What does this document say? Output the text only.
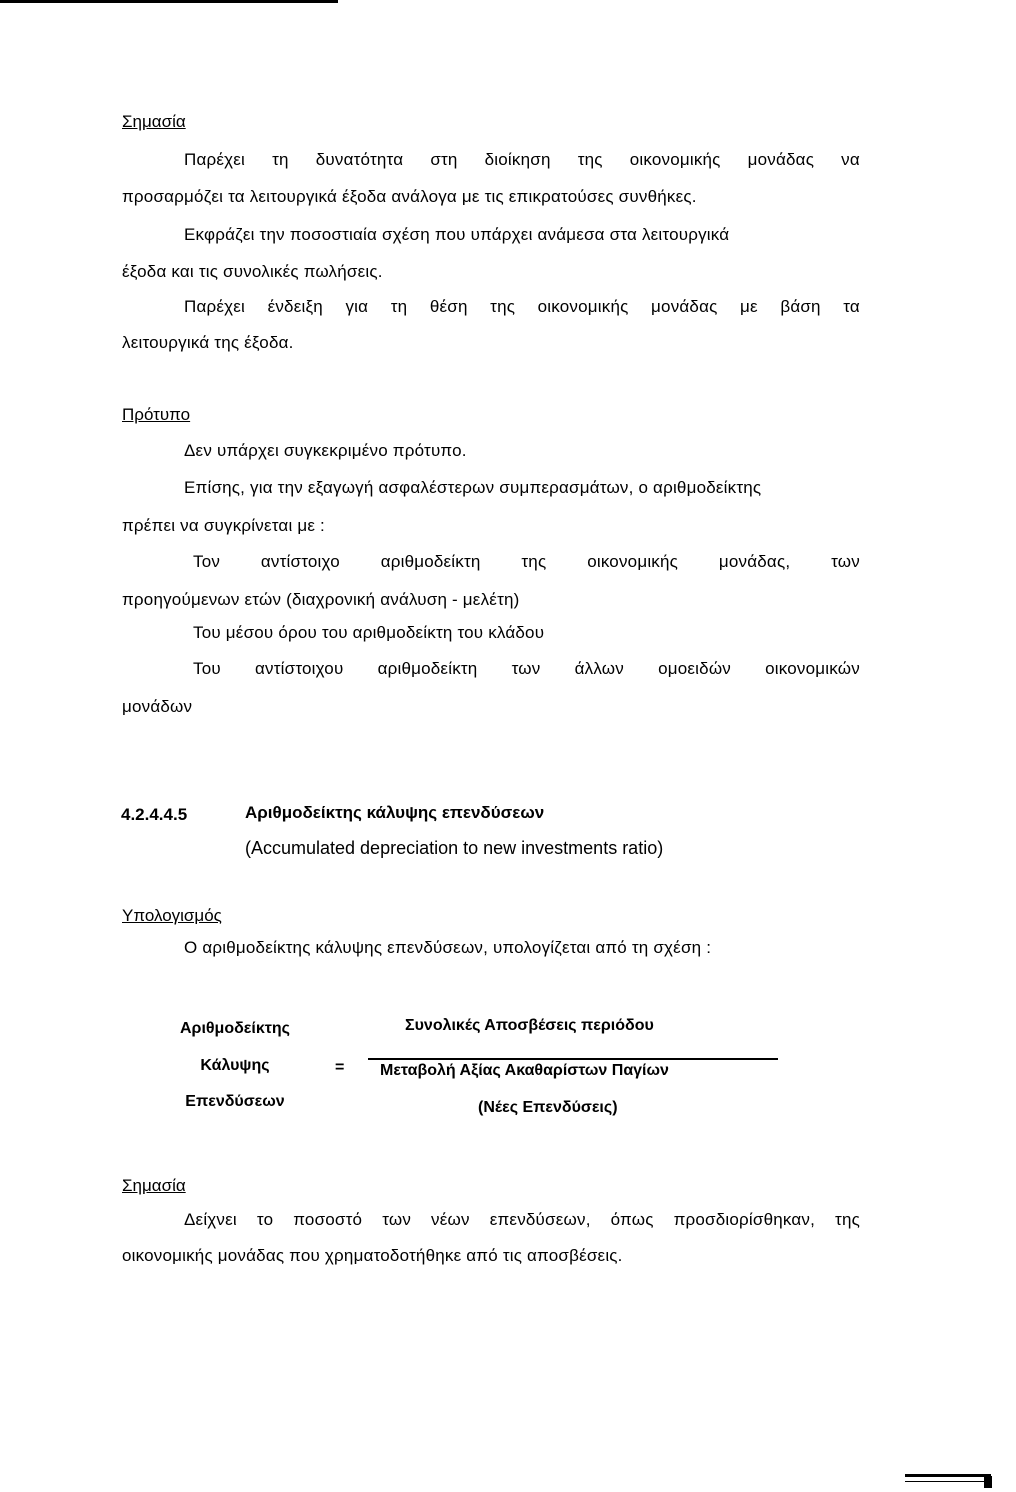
Σημασία
Παρέχει τη δυνατότητα στη διοίκηση της οικονομικής μονάδας να
προσαρμόζει τα λειτουργικά έξοδα ανάλογα με τις επικρατούσες συνθήκες.
Εκφράζει την ποσοστιαία σχέση που υπάρχει ανάμεσα στα λειτουργικά
έξοδα και τις συνολικές πωλήσεις.
Παρέχει ένδειξη για τη θέση της οικονομικής μονάδας με βάση τα
λειτουργικά της έξοδα.
Πρότυπο
Δεν υπάρχει συγκεκριμένο πρότυπο.
Επίσης, για την εξαγωγή ασφαλέστερων συμπερασμάτων, ο αριθμοδείκτης
πρέπει να συγκρίνεται με :
Τον αντίστοιχο αριθμοδείκτη της οικονομικής μονάδας, των
προηγούμενων ετών (διαχρονική ανάλυση - μελέτη)
Του μέσου όρου του αριθμοδείκτη του κλάδου
Του αντίστοιχου αριθμοδείκτη των άλλων ομοειδών οικονομικών
μονάδων
4.2.4.4.5	Αριθμοδείκτης κάλυψης επενδύσεων
(Accumulated depreciation to new investments ratio)
Υπολογισμός
Ο αριθμοδείκτης κάλυψης επενδύσεων, υπολογίζεται από τη σχέση :
Αριθμοδείκτης
Κάλυψης
Επενδύσεων
=
Συνολικές Αποσβέσεις περιόδου
Μεταβολή Αξίας Ακαθαρίστων Παγίων
(Νέες Επενδύσεις)
Σημασία
Δείχνει το ποσοστό των νέων επενδύσεων, όπως προσδιορίσθηκαν, της
οικονομικής μονάδας που χρηματοδοτήθηκε από τις αποσβέσεις.
